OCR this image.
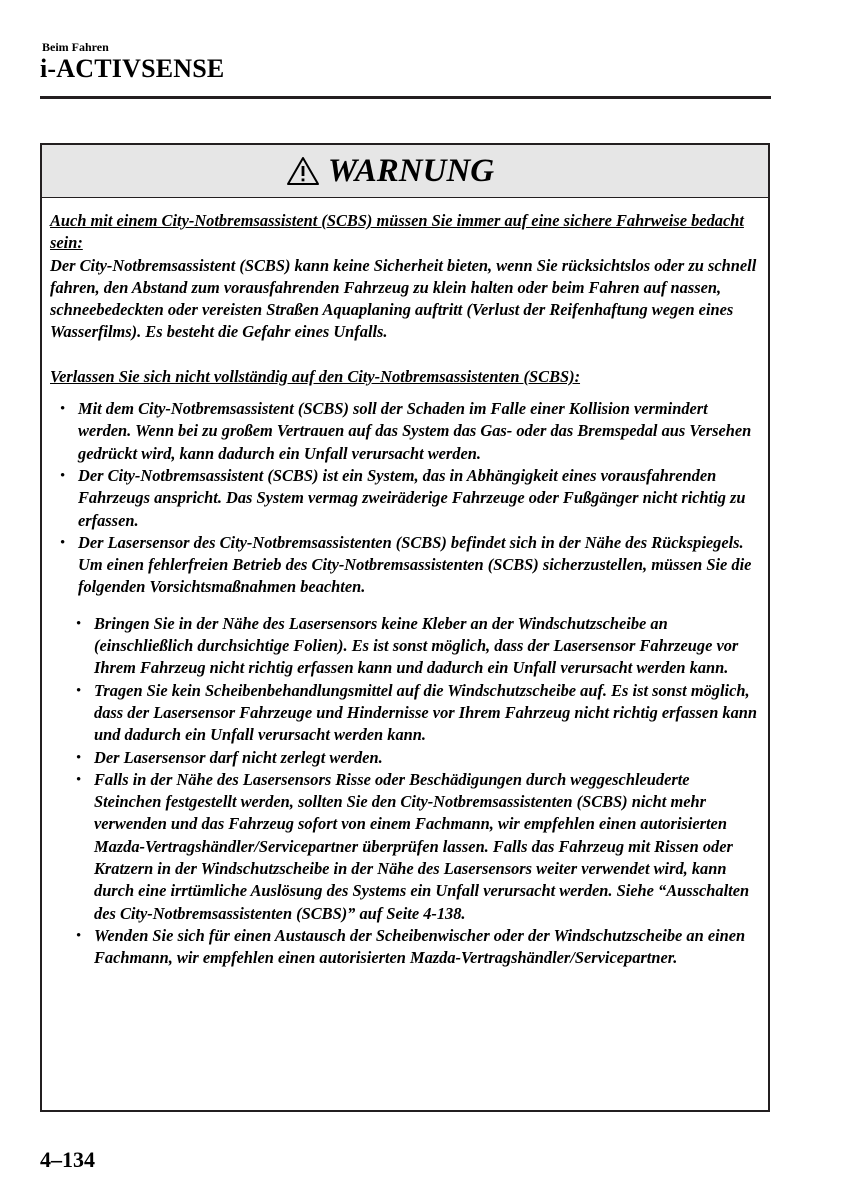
Beim Fahren
i-ACTIVSENSE
WARNUNG

Auch mit einem City-Notbremsassistent (SCBS) müssen Sie immer auf eine sichere Fahrweise bedacht sein:

Der City-Notbremsassistent (SCBS) kann keine Sicherheit bieten, wenn Sie rücksichtslos oder zu schnell fahren, den Abstand zum vorausfahrenden Fahrzeug zu klein halten oder beim Fahren auf nassen, schneebedeckten oder vereisten Straßen Aquaplaning auftritt (Verlust der Reifenhaftung wegen eines Wasserfilms). Es besteht die Gefahr eines Unfalls.

Verlassen Sie sich nicht vollständig auf den City-Notbremsassistenten (SCBS):

• Mit dem City-Notbremsassistent (SCBS) soll der Schaden im Falle einer Kollision vermindert werden. Wenn bei zu großem Vertrauen auf das System das Gas- oder das Bremspedal aus Versehen gedrückt wird, kann dadurch ein Unfall verursacht werden.
• Der City-Notbremsassistent (SCBS) ist ein System, das in Abhängigkeit eines vorausfahrenden Fahrzeugs anspricht. Das System vermag zweiräderige Fahrzeuge oder Fußgänger nicht richtig zu erfassen.
• Der Lasersensor des City-Notbremsassistenten (SCBS) befindet sich in der Nähe des Rückspiegels. Um einen fehlerfreien Betrieb des City-Notbremsassistenten (SCBS) sicherzustellen, müssen Sie die folgenden Vorsichtsmaßnahmen beachten.
• Bringen Sie in der Nähe des Lasersensors keine Kleber an der Windschutzscheibe an (einschließlich durchsichtige Folien). Es ist sonst möglich, dass der Lasersensor Fahrzeuge vor Ihrem Fahrzeug nicht richtig erfassen kann und dadurch ein Unfall verursacht werden kann.
• Tragen Sie kein Scheibenbehandlungsmittel auf die Windschutzscheibe auf. Es ist sonst möglich, dass der Lasersensor Fahrzeuge und Hindernisse vor Ihrem Fahrzeug nicht richtig erfassen kann und dadurch ein Unfall verursacht werden kann.
• Der Lasersensor darf nicht zerlegt werden.
• Falls in der Nähe des Lasersensors Risse oder Beschädigungen durch weggeschleuderte Steinchen festgestellt werden, sollten Sie den City-Notbremsassistenten (SCBS) nicht mehr verwenden und das Fahrzeug sofort von einem Fachmann, wir empfehlen einen autorisierten Mazda-Vertragshändler/Servicepartner überprüfen lassen. Falls das Fahrzeug mit Rissen oder Kratzern in der Windschutzscheibe in der Nähe des Lasersensors weiter verwendet wird, kann durch eine irrtümliche Auslösung des Systems ein Unfall verursacht werden. Siehe “Ausschalten des City-Notbremsassistenten (SCBS)” auf Seite 4-138.
• Wenden Sie sich für einen Austausch der Scheibenwischer oder der Windschutzscheibe an einen Fachmann, wir empfehlen einen autorisierten Mazda-Vertragshändler/Servicepartner.
4–134
